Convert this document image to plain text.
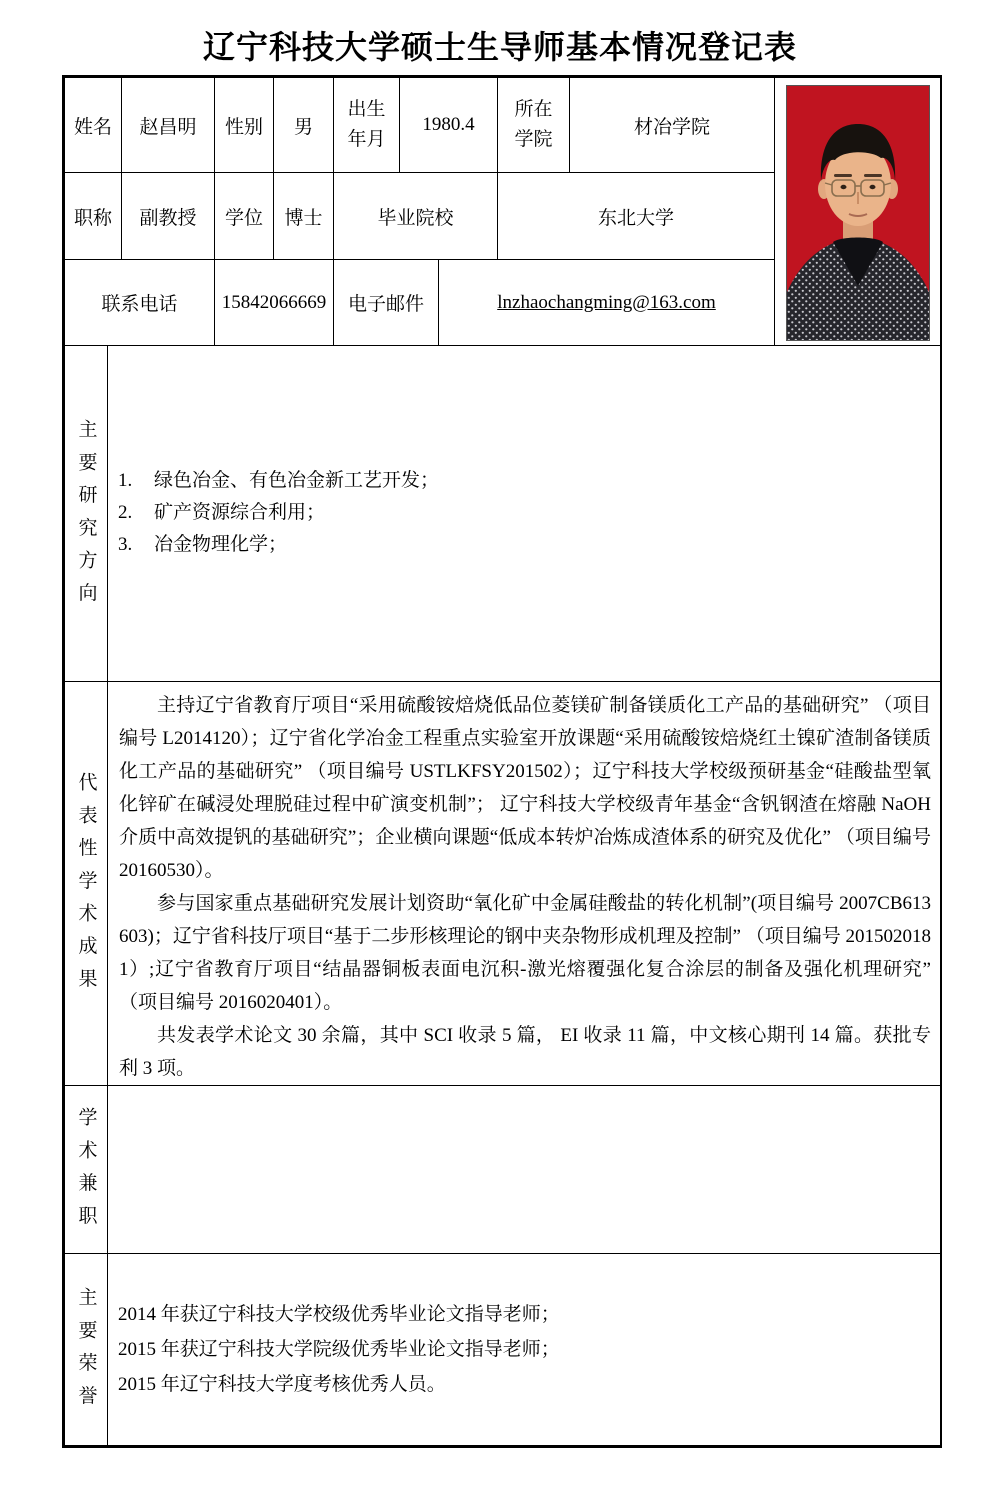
辽宁科技大学硕士生导师基本情况登记表
姓名	赵昌明	性别	男	出生年月	1980.4		所在学院	材冶学院	

职称	副教授	学位	博士	毕业院校			东北大学		
联系电话		15842066669		电子邮件		lnzhaochangming@163.com			
主要研究方向	1.	绿色冶金、有色冶金新工艺开发；
2.	矿产资源综合利用；
3.	冶金物理化学；

代表性学术成果	主持辽宁省教育厅项目“采用硫酸铵焙烧低品位菱镁矿制备镁质化工产品的基础研究” （项目编号 L2014120）；辽宁省化学冶金工程重点实验室开放课题“采用硫酸铵焙烧红土镍矿渣制备镁质化工产品的基础研究” （项目编号 USTLKFSY201502）；辽宁科技大学校级预研基金“硅酸盐型氧化锌矿在碱浸处理脱硅过程中矿演变机制”； 辽宁科技大学校级青年基金“含钒钢渣在熔融 NaOH 介质中高效提钒的基础研究”；企业横向课题“低成本转炉冶炼成渣体系的研究及优化” （项目编号 20160530）。

参与国家重点基础研究发展计划资助“氧化矿中金属硅酸盐的转化机制”(项目编号 2007CB613603)；辽宁省科技厅项目“基于二步形核理论的钢中夹杂物形成机理及控制” （项目编号 2015020181）;辽宁省教育厅项目“结晶器铜板表面电沉积-激光熔覆强化复合涂层的制备及强化机理研究” （项目编号 2016020401）。

共发表学术论文 30 余篇，其中 SCI 收录 5 篇， EI 收录 11 篇，中文核心期刊 14 篇。获批专利 3 项。

学术兼职	
主要荣誉	2014 年获辽宁科技大学校级优秀毕业论文指导老师；
2015 年获辽宁科技大学院级优秀毕业论文指导老师；
2015 年辽宁科技大学度考核优秀人员。
